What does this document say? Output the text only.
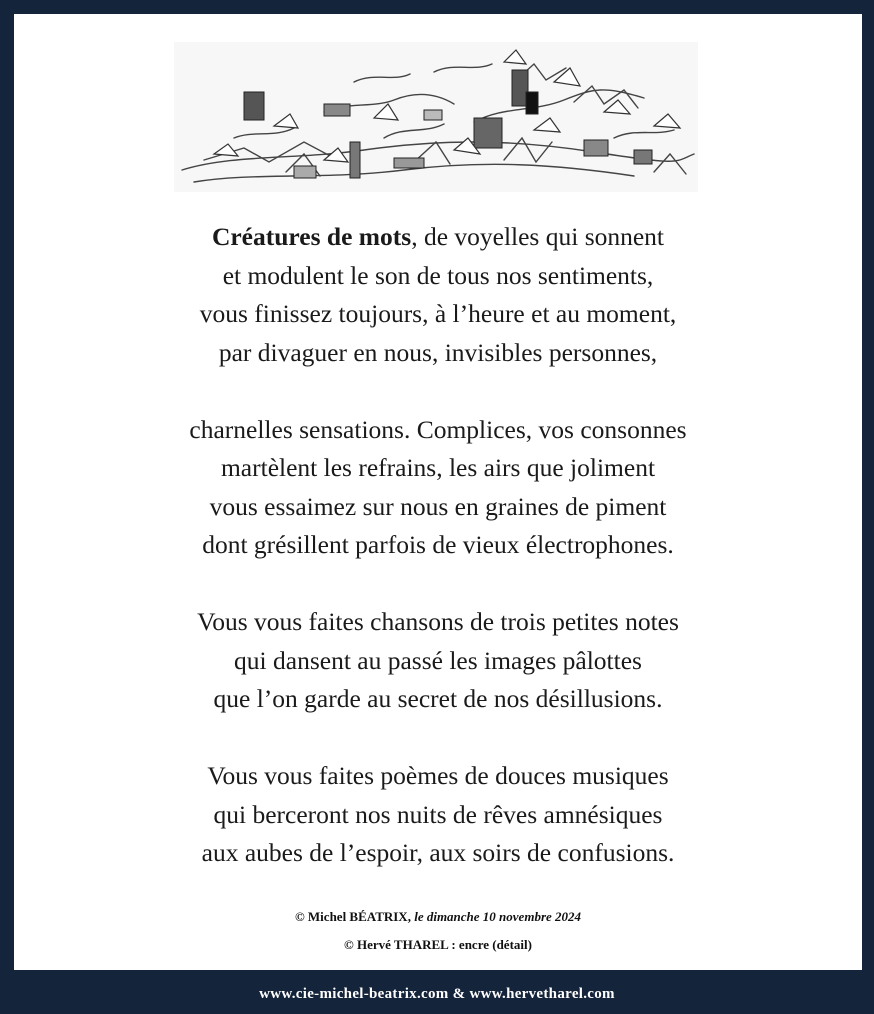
Créatures de mots, de voyelles qui sonnent
et modulent le son de tous nos sentiments,
vous finissez toujours, à l’heure et au moment,
par divaguer en nous, invisibles personnes,
charnelles sensations. Complices, vos consonnes
martèlent les refrains, les airs que joliment
vous essaimez sur nous en graines de piment
dont grésillent parfois de vieux électrophones.
Vous vous faites chansons de trois petites notes
qui dansent au passé les images pâlottes
que l’on garde au secret de nos désillusions.
Vous vous faites poèmes de douces musiques
qui berceront nos nuits de rêves amnésiques
aux aubes de l’espoir, aux soirs de confusions.
© Michel BÉATRIX, le dimanche 10 novembre 2024
© Hervé THAREL : encre (détail)
www.cie-michel-beatrix.com & www.hervetharel.com
